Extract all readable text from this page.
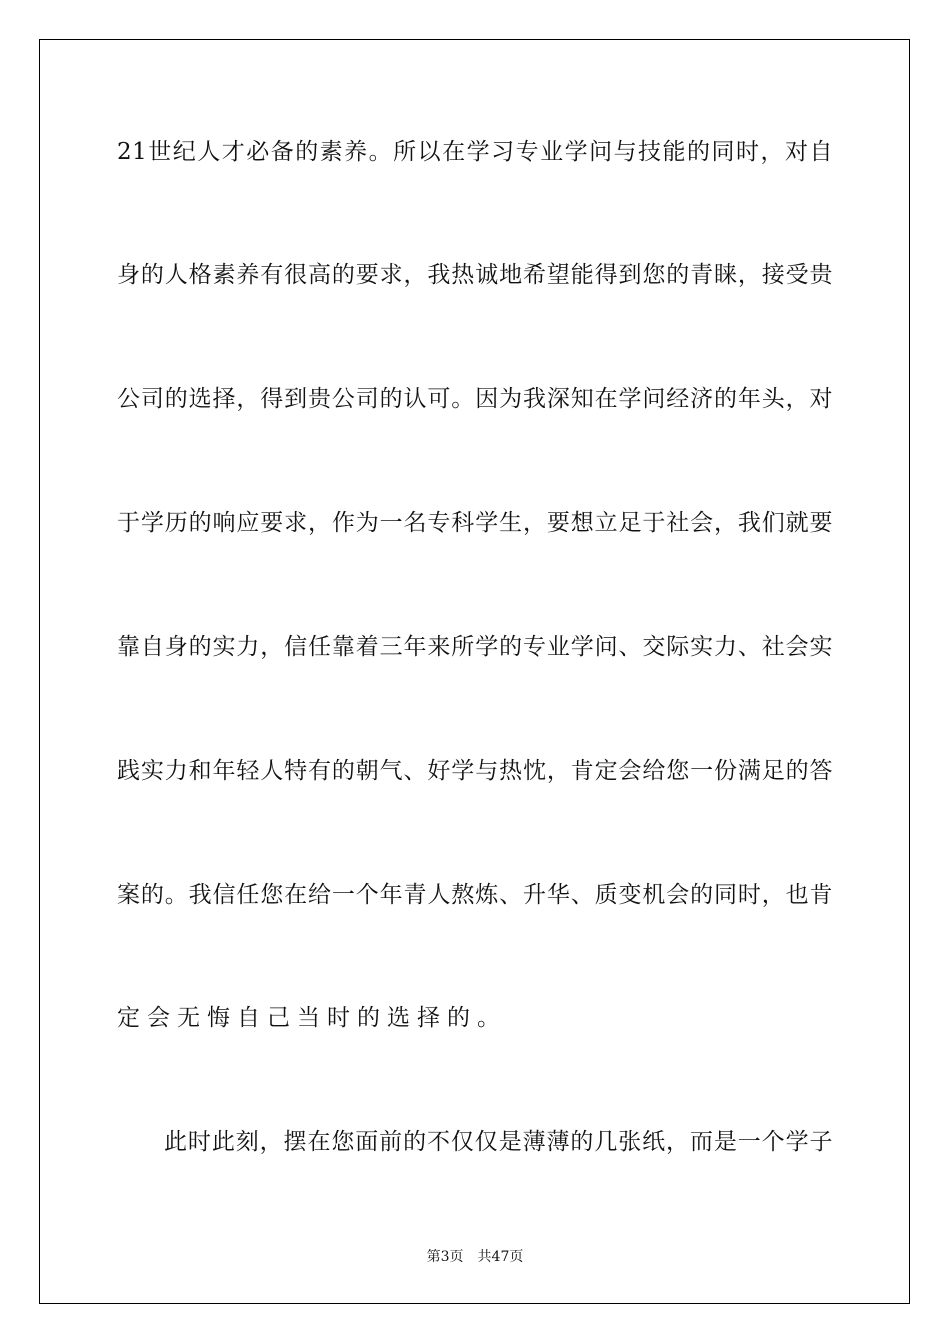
21世纪人才必备的素养。所以在学习专业学问与技能的同时，对自
身的人格素养有很高的要求，我热诚地希望能得到您的青睐，接受贵
公司的选择，得到贵公司的认可。因为我深知在学问经济的年头，对
于学历的响应要求，作为一名专科学生，要想立足于社会，我们就要
靠自身的实力，信任靠着三年来所学的专业学问、交际实力、社会实
践实力和年轻人特有的朝气、好学与热忱，肯定会给您一份满足的答
案的。我信任您在给一个年青人熬炼、升华、质变机会的同时，也肯
定会无悔自己当时的选择的。
此时此刻，摆在您面前的不仅仅是薄薄的几张纸，而是一个学子
第3页 共47页
